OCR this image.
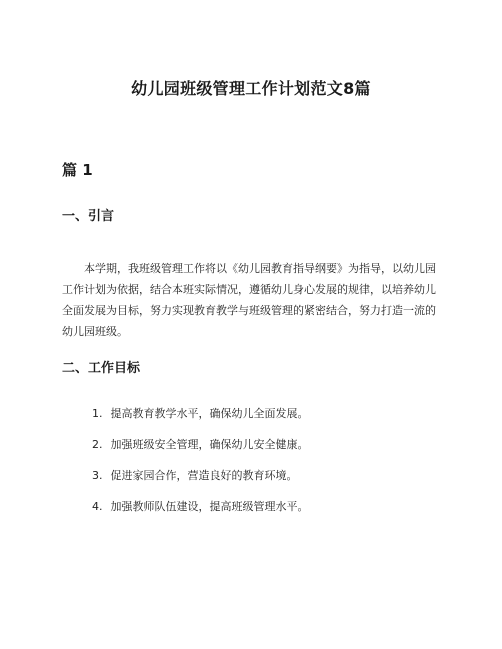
幼儿园班级管理工作计划范文8篇
篇 1
一、引言

本学期，我班级管理工作将以《幼儿园教育指导纲要》为指导，以幼儿园工作计划为依据，结合本班实际情况，遵循幼儿身心发展的规律，以培养幼儿全面发展为目标，努力实现教育教学与班级管理的紧密结合，努力打造一流的幼儿园班级。

二、工作目标
1. 提高教育教学水平，确保幼儿全面发展。
2. 加强班级安全管理，确保幼儿安全健康。
3. 促进家园合作，营造良好的教育环境。
4. 加强教师队伍建设，提高班级管理水平。
